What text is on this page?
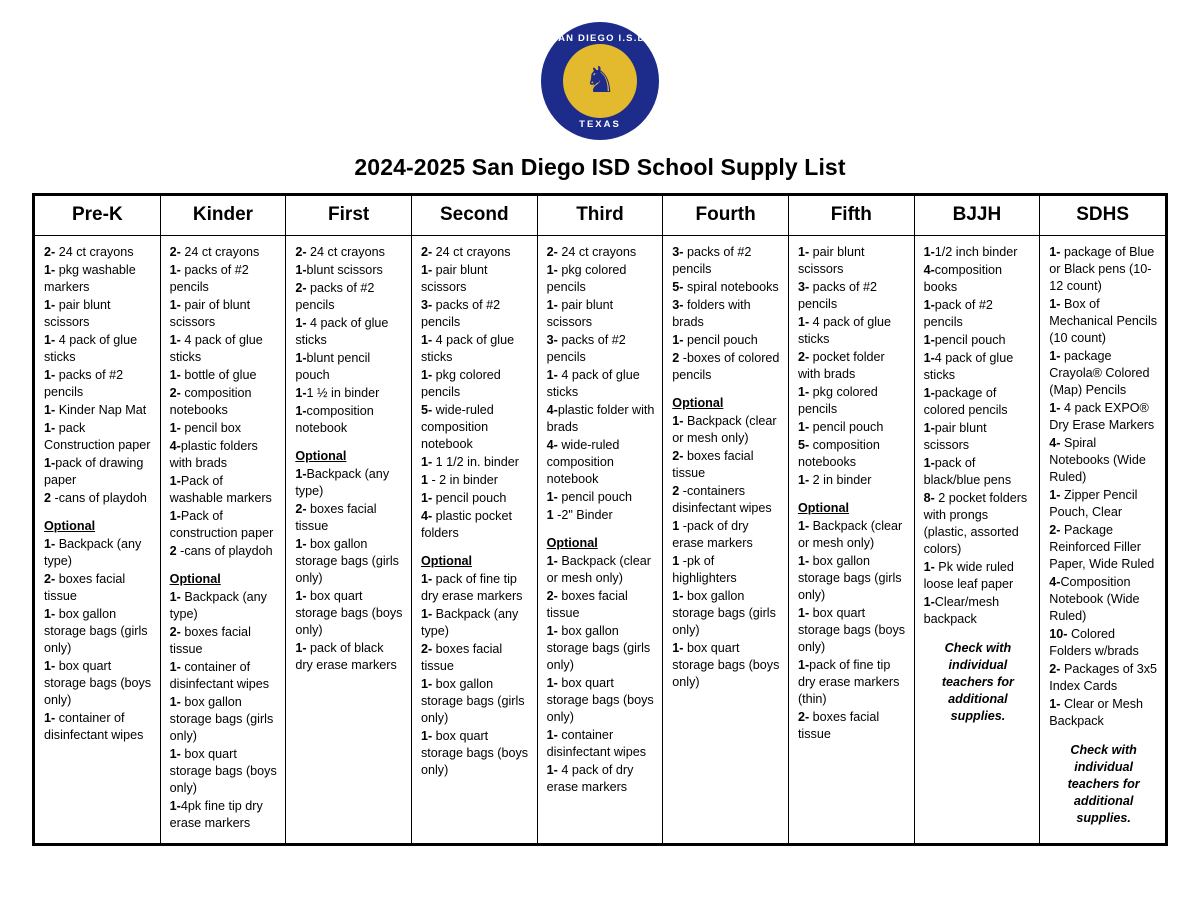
SAN DIEGO I.S.D.
♞
TEXAS
2024-2025 San Diego ISD School Supply List
Pre-K	Kinder	First	Second	Third	Fourth	Fifth	BJJH	SDHS

2- 24 ct crayons
1- pkg washable markers
1- pair blunt scissors
1- 4 pack of glue sticks
1- packs of #2 pencils
1- Kinder Nap Mat
1- pack Construction paper
1-pack of drawing paper
2 -cans of playdoh
Optional
1- Backpack (any type)
2- boxes facial tissue
1- box gallon storage bags (girls only)
1- box quart storage bags (boys only)
1- container of disinfectant wipes

2- 24 ct crayons
1- packs of #2 pencils
1- pair of blunt scissors
1- 4 pack of glue sticks
1- bottle of glue
2- composition notebooks
1- pencil box
4-plastic folders with brads
1-Pack of washable markers
1-Pack of construction paper
2 -cans of playdoh
Optional
1- Backpack (any type)
2- boxes facial tissue
1- container of disinfectant wipes
1- box gallon storage bags (girls only)
1- box quart storage bags (boys only)
1-4pk fine tip dry erase markers

2- 24 ct crayons
1-blunt scissors
2- packs of #2 pencils
1- 4 pack of glue sticks
1-blunt pencil pouch
1-1 ½ in binder
1-composition notebook
Optional
1-Backpack (any type)
2- boxes facial tissue
1- box gallon storage bags (girls only)
1- box quart storage bags (boys only)
1- pack of black dry erase markers

2- 24 ct crayons
1- pair blunt scissors
3- packs of #2 pencils
1- 4 pack of glue sticks
1- pkg colored pencils
5- wide-ruled composition notebook
1- 1 1/2 in. binder
1 - 2 in binder
1- pencil pouch
4- plastic pocket folders
Optional
1- pack of fine tip dry erase markers
1- Backpack (any type)
2- boxes facial tissue
1- box gallon storage bags (girls only)
1- box quart storage bags (boys only)

2- 24 ct crayons
1- pkg colored pencils
1- pair blunt scissors
3- packs of #2 pencils
1- 4 pack of glue sticks
4-plastic folder with brads
4- wide-ruled composition notebook
1- pencil pouch
1 -2" Binder
Optional
1- Backpack (clear or mesh only)
2- boxes facial tissue
1- box gallon storage bags (girls only)
1- box quart storage bags (boys only)
1- container disinfectant wipes
1- 4 pack of dry erase markers

3- packs of #2 pencils
5- spiral notebooks
3- folders with brads
1- pencil pouch
2 -boxes of colored pencils
Optional
1- Backpack (clear or mesh only)
2- boxes facial tissue
2 -containers disinfectant wipes
1 -pack of dry erase markers
1 -pk of highlighters
1- box gallon storage bags (girls only)
1- box quart storage bags (boys only)

1- pair blunt scissors
3- packs of #2 pencils
1- 4 pack of glue sticks
2- pocket folder with brads
1- pkg colored pencils
1- pencil pouch
5- composition notebooks
1- 2 in binder
Optional
1- Backpack (clear or mesh only)
1- box gallon storage bags (girls only)
1- box quart storage bags (boys only)
1-pack of fine tip dry erase markers (thin)
2- boxes facial tissue

1-1/2 inch binder
4-composition books
1-pack of #2 pencils
1-pencil pouch
1-4 pack of glue sticks
1-package of colored pencils
1-pair blunt scissors
1-pack of black/blue pens
8- 2 pocket folders with prongs (plastic, assorted colors)
1- Pk wide ruled loose leaf paper
1-Clear/mesh backpack
Check with individual teachers for additional supplies.

1- package of Blue or Black pens (10-12 count)
1- Box of Mechanical Pencils (10 count)
1- package Crayola® Colored (Map) Pencils
1- 4 pack EXPO® Dry Erase Markers
4- Spiral Notebooks (Wide Ruled)
1- Zipper Pencil Pouch, Clear
2- Package Reinforced Filler Paper, Wide Ruled
4-Composition Notebook (Wide Ruled)
10- Colored Folders w/brads
2- Packages of 3x5 Index Cards
1- Clear or Mesh Backpack
Check with individual teachers for additional supplies.
